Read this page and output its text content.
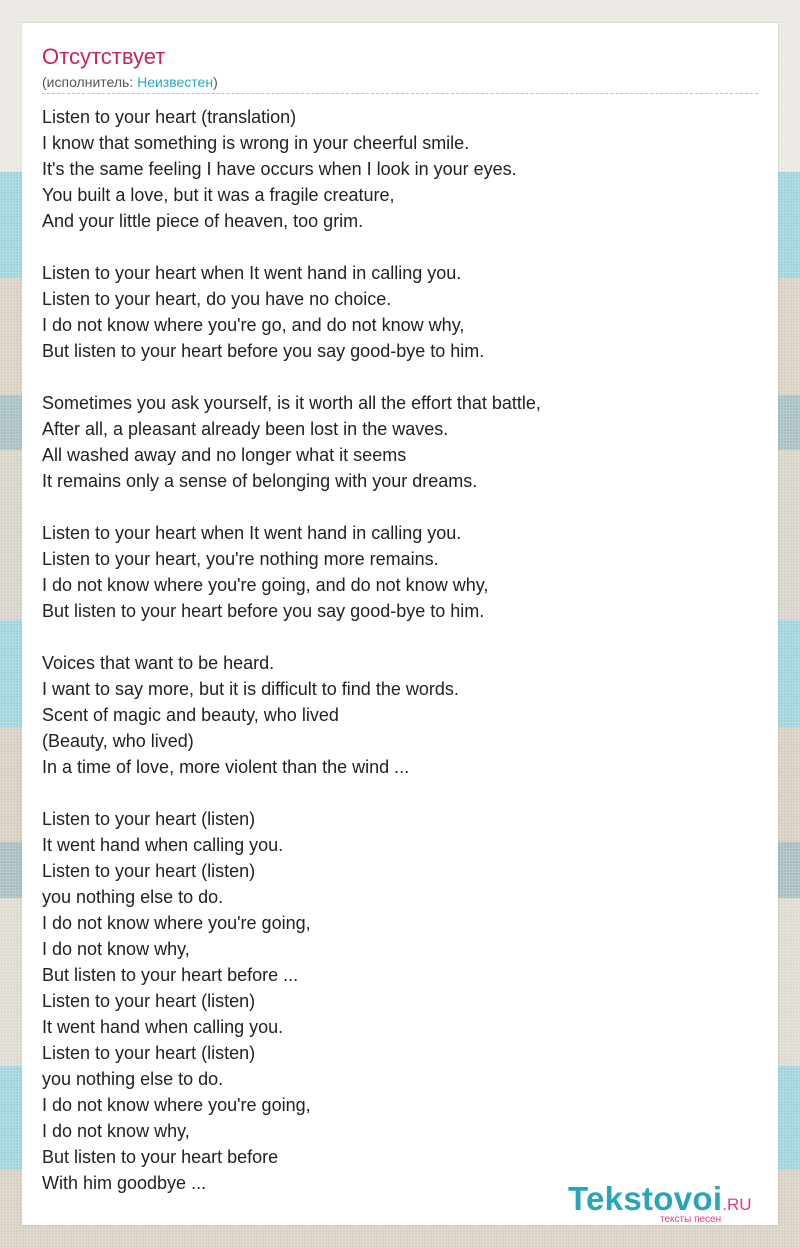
Отсутствует
(исполнитель: Неизвестен)
Listen to your heart (translation)
I know that something is wrong in your cheerful smile.
It's the same feeling I have occurs when I look in your eyes.
You built a love, but it was a fragile creature,
And your little piece of heaven, too grim.
Listen to your heart when It went hand in calling you.
Listen to your heart, do you have no choice.
I do not know where you're go, and do not know why,
But listen to your heart before you say good-bye to him.
Sometimes you ask yourself, is it worth all the effort that battle,
After all, a pleasant already been lost in the waves.
All washed away and no longer what it seems
It remains only a sense of belonging with your dreams.
Listen to your heart when It went hand in calling you.
Listen to your heart, you're nothing more remains.
I do not know where you're going, and do not know why,
But listen to your heart before you say good-bye to him.
Voices that want to be heard.
I want to say more, but it is difficult to find the words.
Scent of magic and beauty, who lived
(Beauty, who lived)
In a time of love, more violent than the wind ...
Listen to your heart (listen)
It went hand when calling you.
Listen to your heart (listen)
you nothing else to do.
I do not know where you're going,
I do not know why,
But listen to your heart before ...
Listen to your heart (listen)
It went hand when calling you.
Listen to your heart (listen)
you nothing else to do.
I do not know where you're going,
I do not know why,
But listen to your heart before
With him goodbye ...	Tekstovoi.RU
тексты песен
